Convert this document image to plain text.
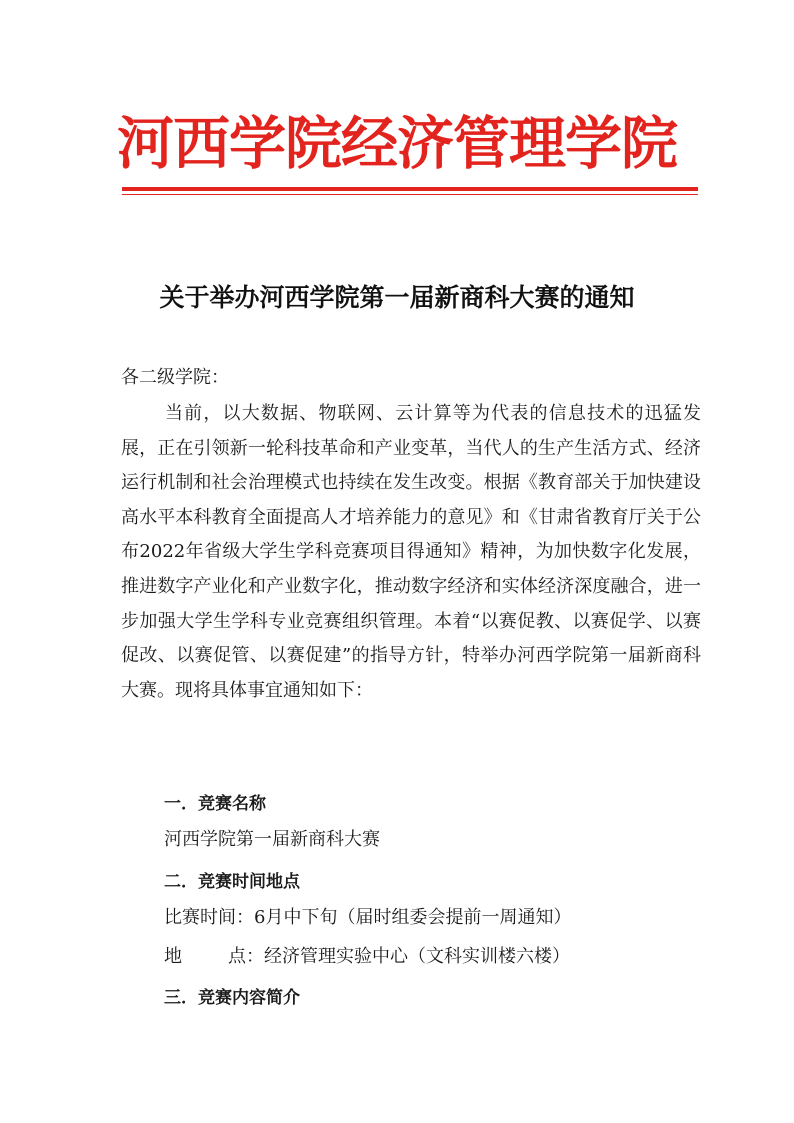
河西学院经济管理学院
关于举办河西学院第一届新商科大赛的通知
各二级学院：

当前，以大数据、物联网、云计算等为代表的信息技术的迅猛发展，正在引领新一轮科技革命和产业变革，当代人的生产生活方式、经济运行机制和社会治理模式也持续在发生改变。根据《教育部关于加快建设高水平本科教育全面提高人才培养能力的意见》和《甘肃省教育厅关于公布2022年省级大学生学科竞赛项目得通知》精神，为加快数字化发展，推进数字产业化和产业数字化，推动数字经济和实体经济深度融合，进一步加强大学生学科专业竞赛组织管理。本着“以赛促教、以赛促学、以赛促改、以赛促管、以赛促建”的指导方针，特举办河西学院第一届新商科大赛。现将具体事宜通知如下：

一．竞赛名称
河西学院第一届新商科大赛
二．竞赛时间地点
比赛时间：6月中下旬（届时组委会提前一周通知）
地	点：经济管理实验中心（文科实训楼六楼）
三．竞赛内容简介
